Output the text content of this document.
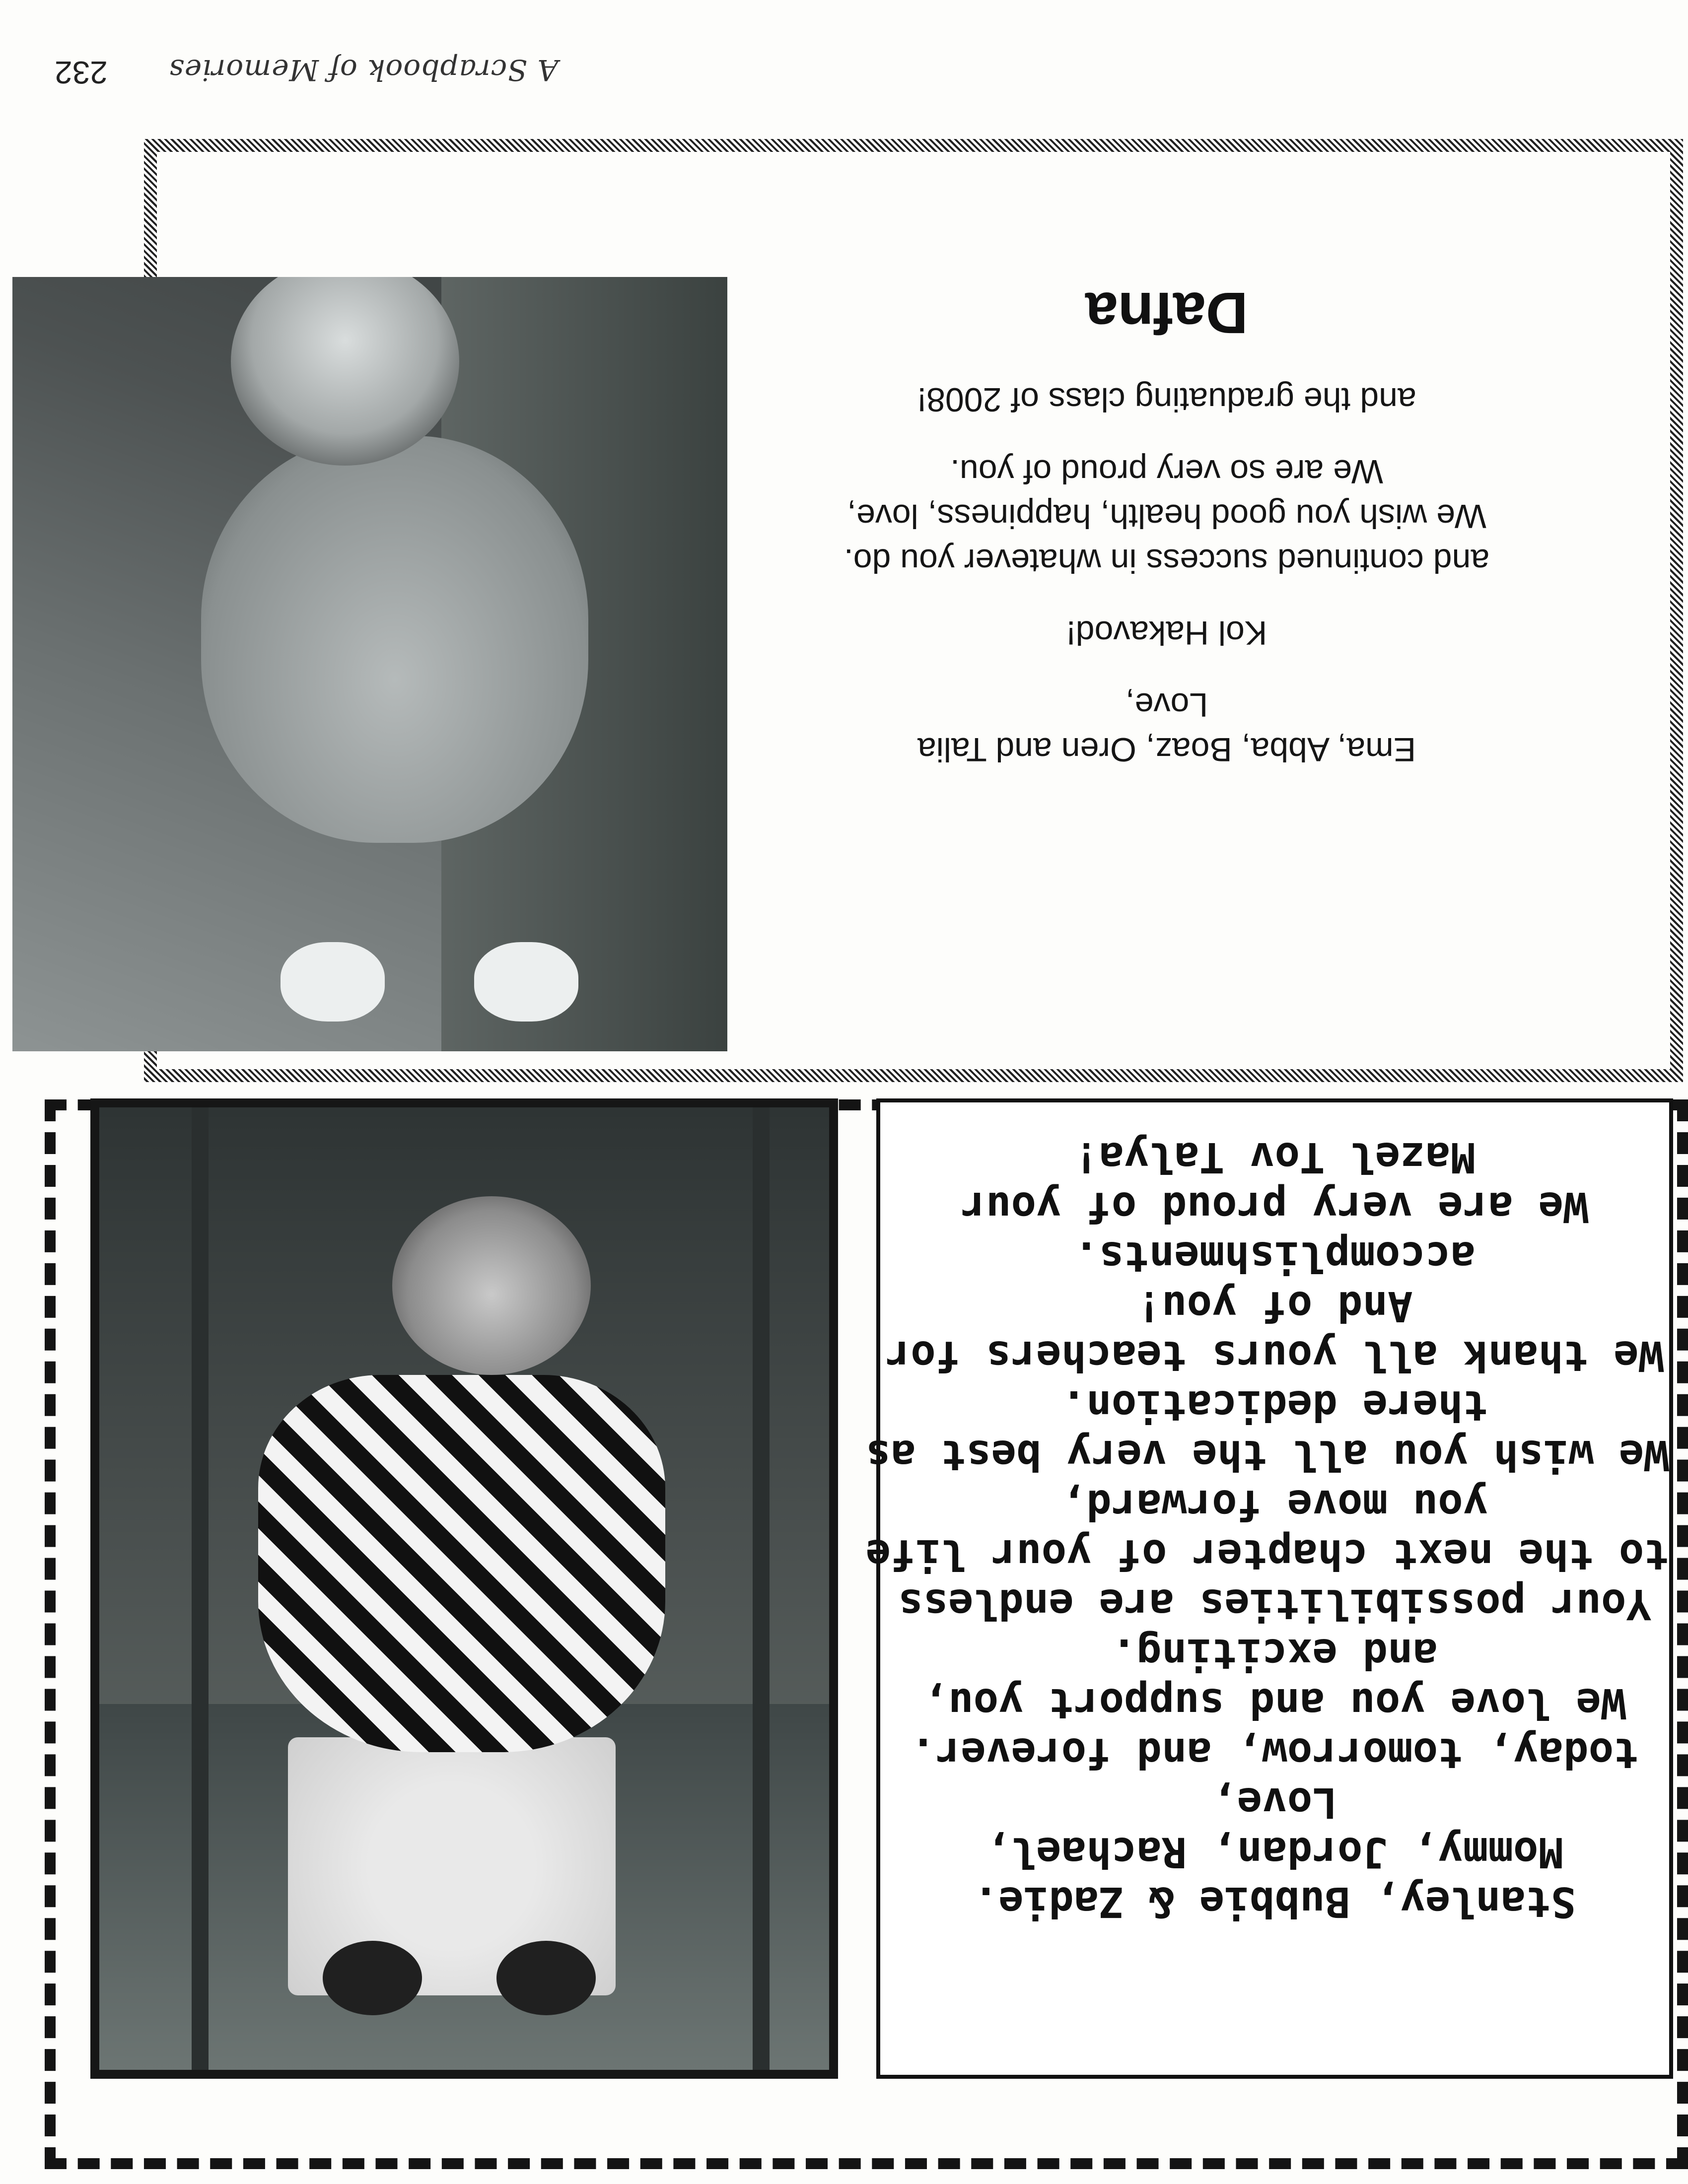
232	A Scrapbook of Memories
Mazel Tov Talya!
We are very proud of your
accomplishments.
And of you!
We thank all yours teachers for
there dedication.
We wish you all the very best as
you move forward,
to the next chapter of your life
Your possibilities are endless
and exciting.
We love you and support you,
today, tomorrow, and forever.
Love,
Mommy, Jordan, Rachael,
Stanley, Bubbie & Zadie.
Dafna
and the graduating class of 2008!
We are so very proud of you.
We wish you good health, happiness, love,
and continued success in whatever you do.
Kol Hakavod!
Love,
Ema, Abba, Boaz, Oren and Talia
